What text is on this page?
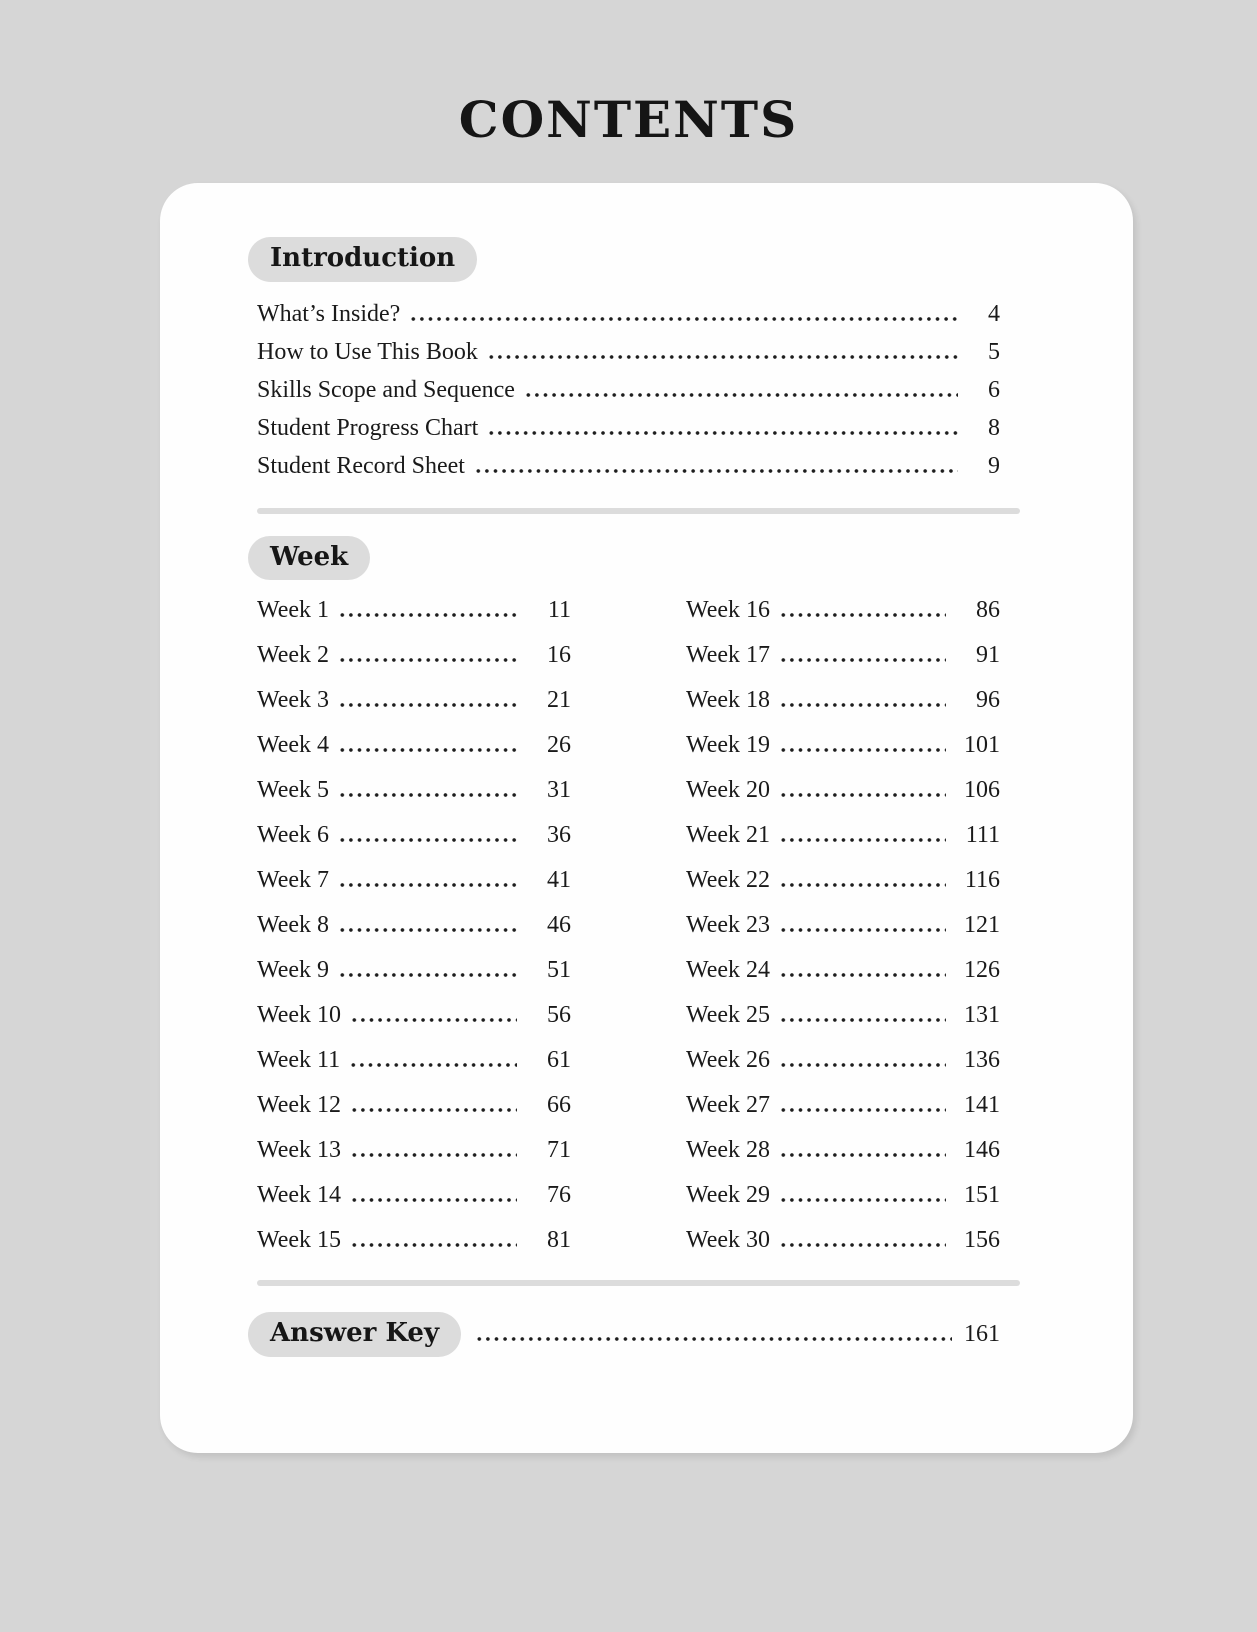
CONTENTS
Introduction
What’s Inside?	4
How to Use This Book	5
Skills Scope and Sequence	6
Student Progress Chart	8
Student Record Sheet	9
Week
Week 1	11
Week 2	16
Week 3	21
Week 4	26
Week 5	31
Week 6	36
Week 7	41
Week 8	46
Week 9	51
Week 10	56
Week 11	61
Week 12	66
Week 13	71
Week 14	76
Week 15	81
Week 16	86
Week 17	91
Week 18	96
Week 19	101
Week 20	106
Week 21	111
Week 22	116
Week 23	121
Week 24	126
Week 25	131
Week 26	136
Week 27	141
Week 28	146
Week 29	151
Week 30	156
Answer Key	161
